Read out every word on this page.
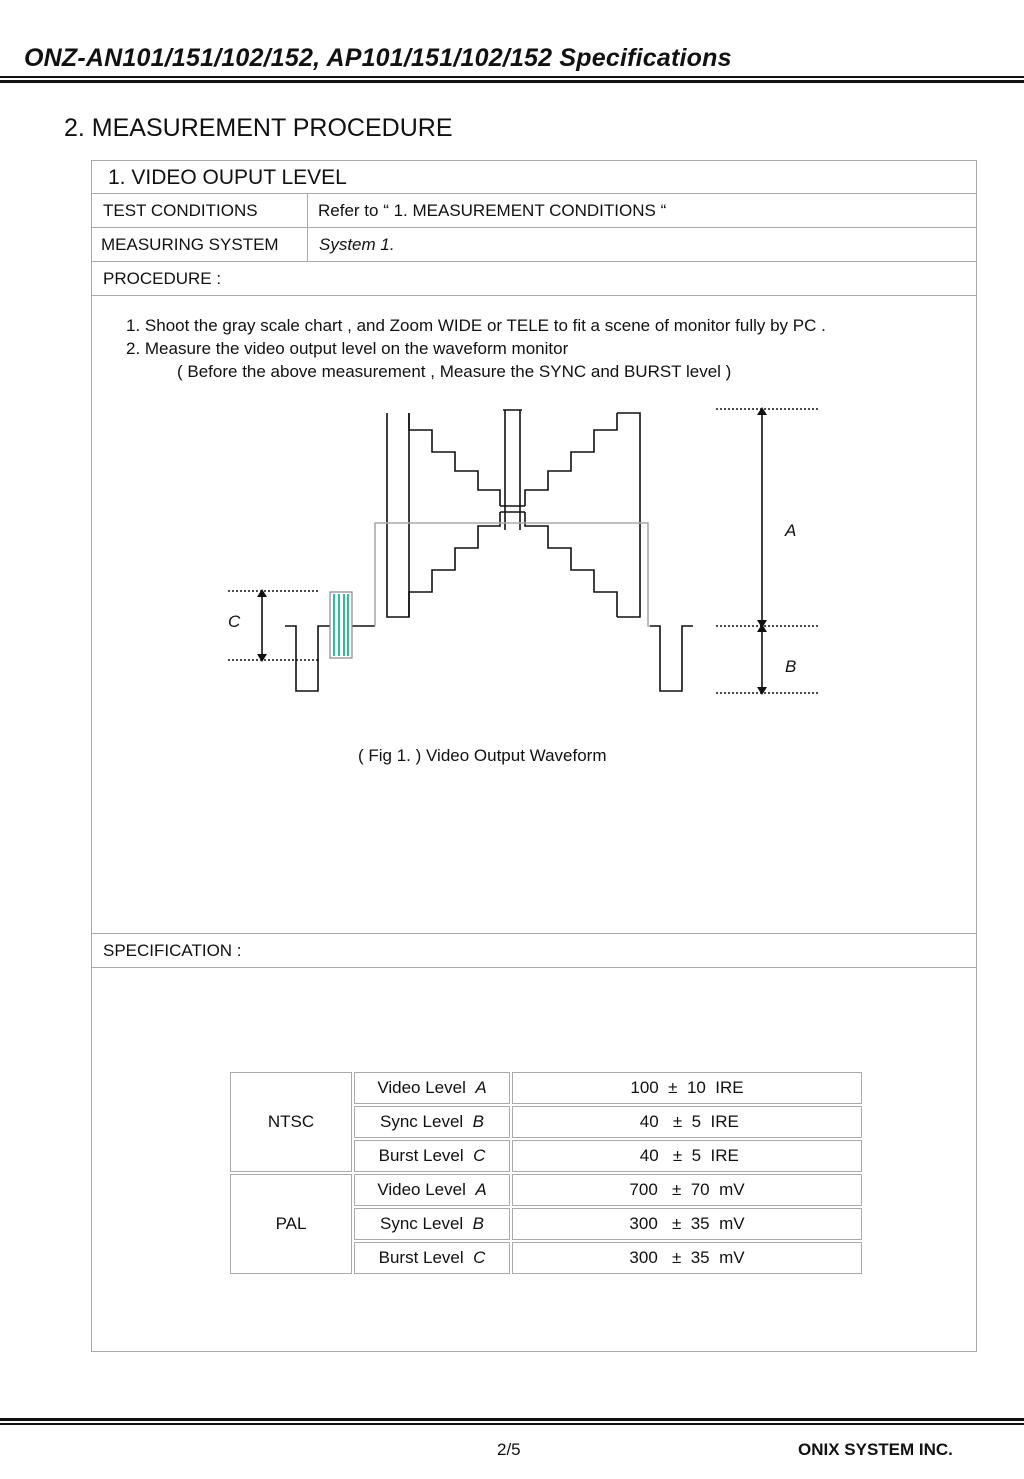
ONZ-AN101/151/102/152, AP101/151/102/152 Specifications
2. MEASUREMENT PROCEDURE
1. VIDEO OUPUT LEVEL
TEST CONDITIONS	Refer to “ 1. MEASUREMENT CONDITIONS “
MEASURING SYSTEM System 1.
PROCEDURE :
1. Shoot the gray scale chart , and Zoom WIDE or TELE to fit a scene of monitor fully by PC .
2. Measure the video output level on the waveform monitor
( Before the above measurement , Measure the SYNC and BURST level )
A
B
C
( Fig 1. ) Video Output Waveform
SPECIFICATION :
NTSC	Video Level A	100  ±  10  IRE
	Sync Level B	40   ±  5  IRE
	Burst Level C	40   ±  5  IRE
PAL	Video Level A	700   ±  70  mV
	Sync Level B	300   ±  35  mV
	Burst Level C	300   ±  35  mV
2/5	ONIX SYSTEM INC.
